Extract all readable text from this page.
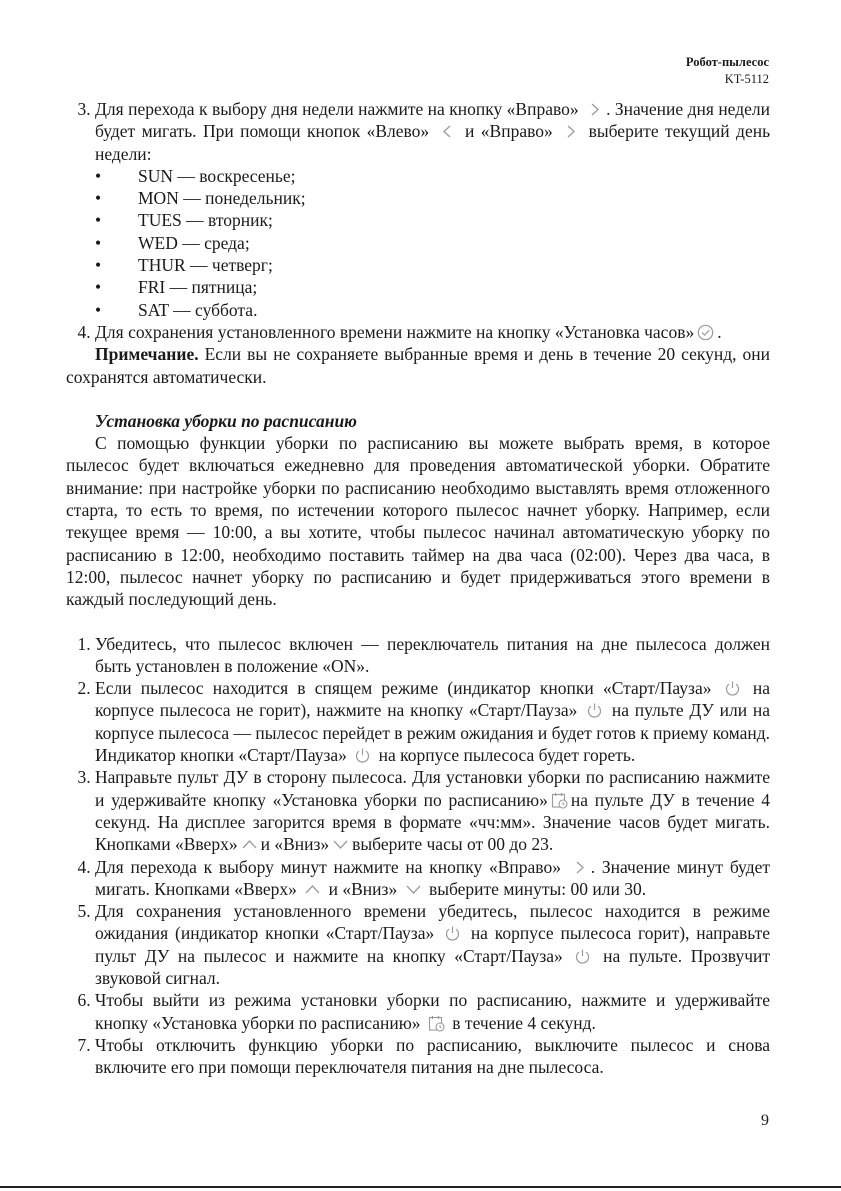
Робот-пылесос
KT-5112
3. Для перехода к выбору дня недели нажмите на кнопку «Вправо» . Значение дня недели будет мигать. При помощи кнопок «Влево» и «Вправо» выберите текущий день недели:
• SUN — воскресенье;
• MON — понедельник;
• TUES — вторник;
• WED — среда;
• THUR — четверг;
• FRI — пятница;
• SAT — суббота.
4. Для сохранения установленного времени нажмите на кнопку «Установка часов» .

Примечание. Если вы не сохраняете выбранные время и день в течение 20 секунд, они сохранятся автоматически.

Установка уборки по расписанию

С помощью функции уборки по расписанию вы можете выбрать время, в которое пылесос будет включаться ежедневно для проведения автоматической уборки. Обратите внимание: при настройке уборки по расписанию необходимо выставлять время отложенного старта, то есть то время, по истечении которого пылесос начнет уборку. Например, если текущее время — 10:00, а вы хотите, чтобы пылесос начинал автоматическую уборку по расписанию в 12:00, необходимо поставить таймер на два часа (02:00). Через два часа, в 12:00, пылесос начнет уборку по расписанию и будет придерживаться этого времени в каждый последующий день.

1. Убедитесь, что пылесос включен — переключатель питания на дне пылесоса должен быть установлен в положение «ON».
2. Если пылесос находится в спящем режиме (индикатор кнопки «Старт/Пауза» на корпусе пылесоса не горит), нажмите на кнопку «Старт/Пауза» на пульте ДУ или на корпусе пылесоса — пылесос перейдет в режим ожидания и будет готов к приему команд. Индикатор кнопки «Старт/Пауза» на корпусе пылесоса будет гореть.
3. Направьте пульт ДУ в сторону пылесоса. Для установки уборки по расписанию нажмите и удерживайте кнопку «Установка уборки по расписанию» на пульте ДУ в течение 4 секунд. На дисплее загорится время в формате «чч:мм». Значение часов будет мигать. Кнопками «Вверх» и «Вниз» выберите часы от 00 до 23.
4. Для перехода к выбору минут нажмите на кнопку «Вправо» . Значение минут будет мигать. Кнопками «Вверх» и «Вниз» выберите минуты: 00 или 30.
5. Для сохранения установленного времени убедитесь, пылесос находится в режиме ожидания (индикатор кнопки «Старт/Пауза» на корпусе пылесоса горит), направьте пульт ДУ на пылесос и нажмите на кнопку «Старт/Пауза» на пульте. Прозвучит звуковой сигнал.
6. Чтобы выйти из режима установки уборки по расписанию, нажмите и удерживайте кнопку «Установка уборки по расписанию» в течение 4 секунд.
7. Чтобы отключить функцию уборки по расписанию, выключите пылесос и снова включите его при помощи переключателя питания на дне пылесоса.
9
